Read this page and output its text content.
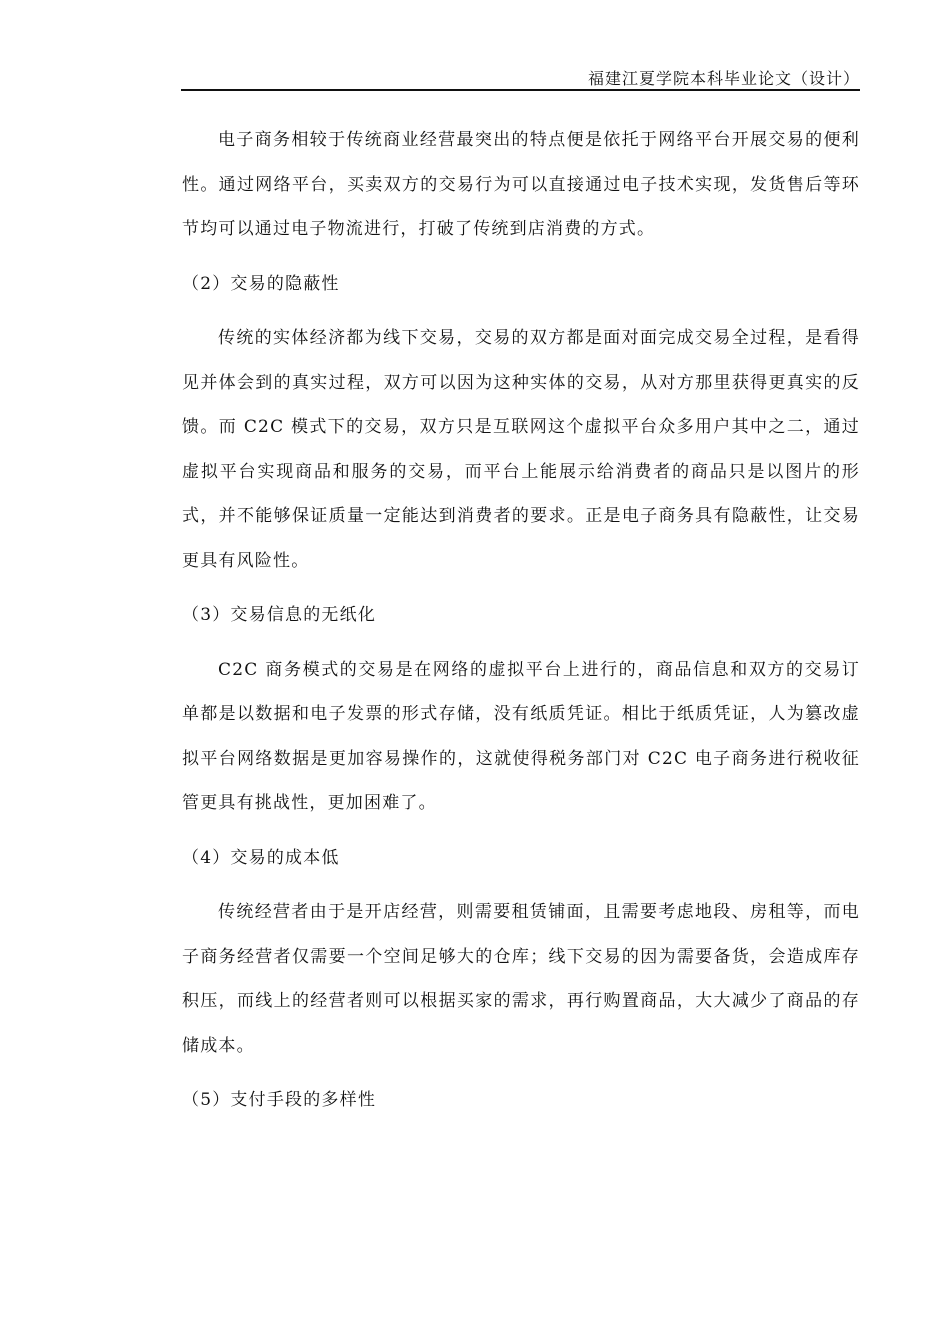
福建江夏学院本科毕业论文（设计）

电子商务相较于传统商业经营最突出的特点便是依托于网络平台开展交易的便利性。通过网络平台，买卖双方的交易行为可以直接通过电子技术实现，发货售后等环节均可以通过电子物流进行，打破了传统到店消费的方式。

（2）交易的隐蔽性

传统的实体经济都为线下交易，交易的双方都是面对面完成交易全过程，是看得见并体会到的真实过程，双方可以因为这种实体的交易，从对方那里获得更真实的反馈。而 C2C 模式下的交易，双方只是互联网这个虚拟平台众多用户其中之二，通过虚拟平台实现商品和服务的交易，而平台上能展示给消费者的商品只是以图片的形式，并不能够保证质量一定能达到消费者的要求。正是电子商务具有隐蔽性，让交易更具有风险性。

（3）交易信息的无纸化

C2C 商务模式的交易是在网络的虚拟平台上进行的，商品信息和双方的交易订单都是以数据和电子发票的形式存储，没有纸质凭证。相比于纸质凭证，人为篡改虚拟平台网络数据是更加容易操作的，这就使得税务部门对 C2C 电子商务进行税收征管更具有挑战性，更加困难了。

（4）交易的成本低

传统经营者由于是开店经营，则需要租赁铺面，且需要考虑地段、房租等，而电子商务经营者仅需要一个空间足够大的仓库；线下交易的因为需要备货，会造成库存积压，而线上的经营者则可以根据买家的需求，再行购置商品，大大减少了商品的存储成本。

（5）支付手段的多样性
